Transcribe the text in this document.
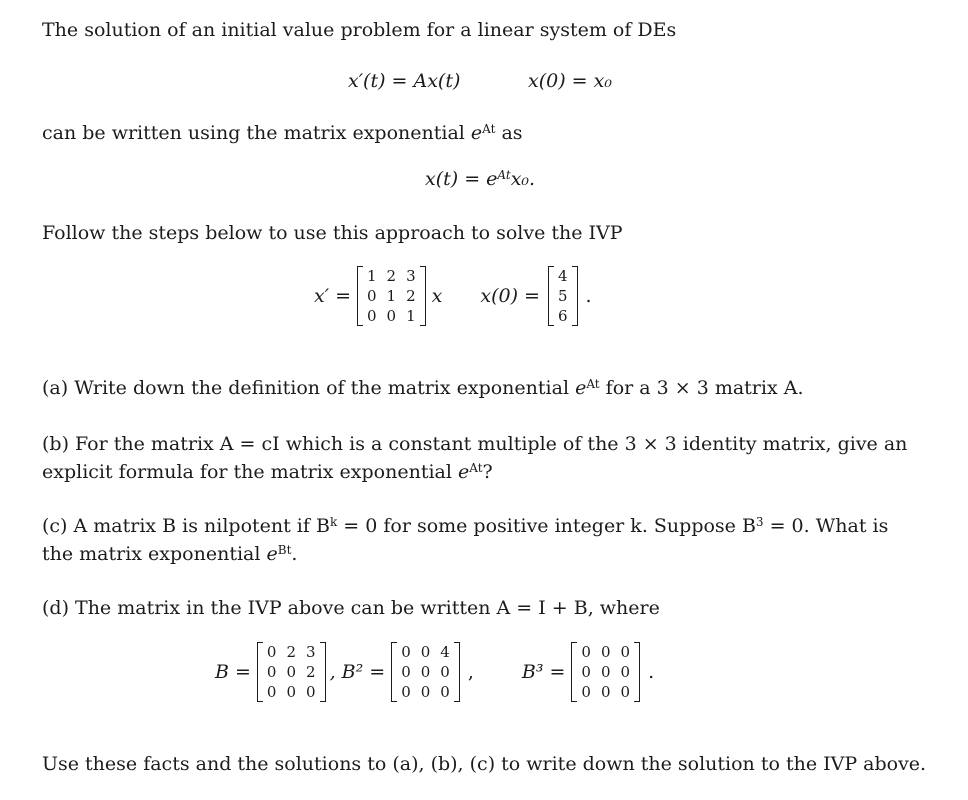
The solution of an initial value problem for a linear system of DEs
x′(t) = Ax(t)	x(0) = x₀
can be written using the matrix exponential $e^{At}$ as
$x(t) = e^{At}x_0$.
Follow the steps below to use this approach to solve the IVP
x′ =
1	2	3
0	1	2
0	0	1
x x(0) =
4
5
6
.
(a) Write down the definition of the matrix exponential $e^{At}$ for a 3 × 3 matrix A.
(b) For the matrix A = cI which is a constant multiple of the 3 × 3 identity matrix, give an
explicit formula for the matrix exponential $e^{At}$?
(c) A matrix B is nilpotent if $B^k = 0$ for some positive integer k. Suppose $B^3 = 0$. What is
the matrix exponential $e^{Bt}$.
(d) The matrix in the IVP above can be written A = I + B, where
B =
0	2	3
0	0	2
0	0	0
, B² =
0	0	4
0	0	0
0	0	0
,	B³ =
0	0	0
0	0	0
0	0	0
.
Use these facts and the solutions to (a), (b), (c) to write down the solution to the IVP above.
